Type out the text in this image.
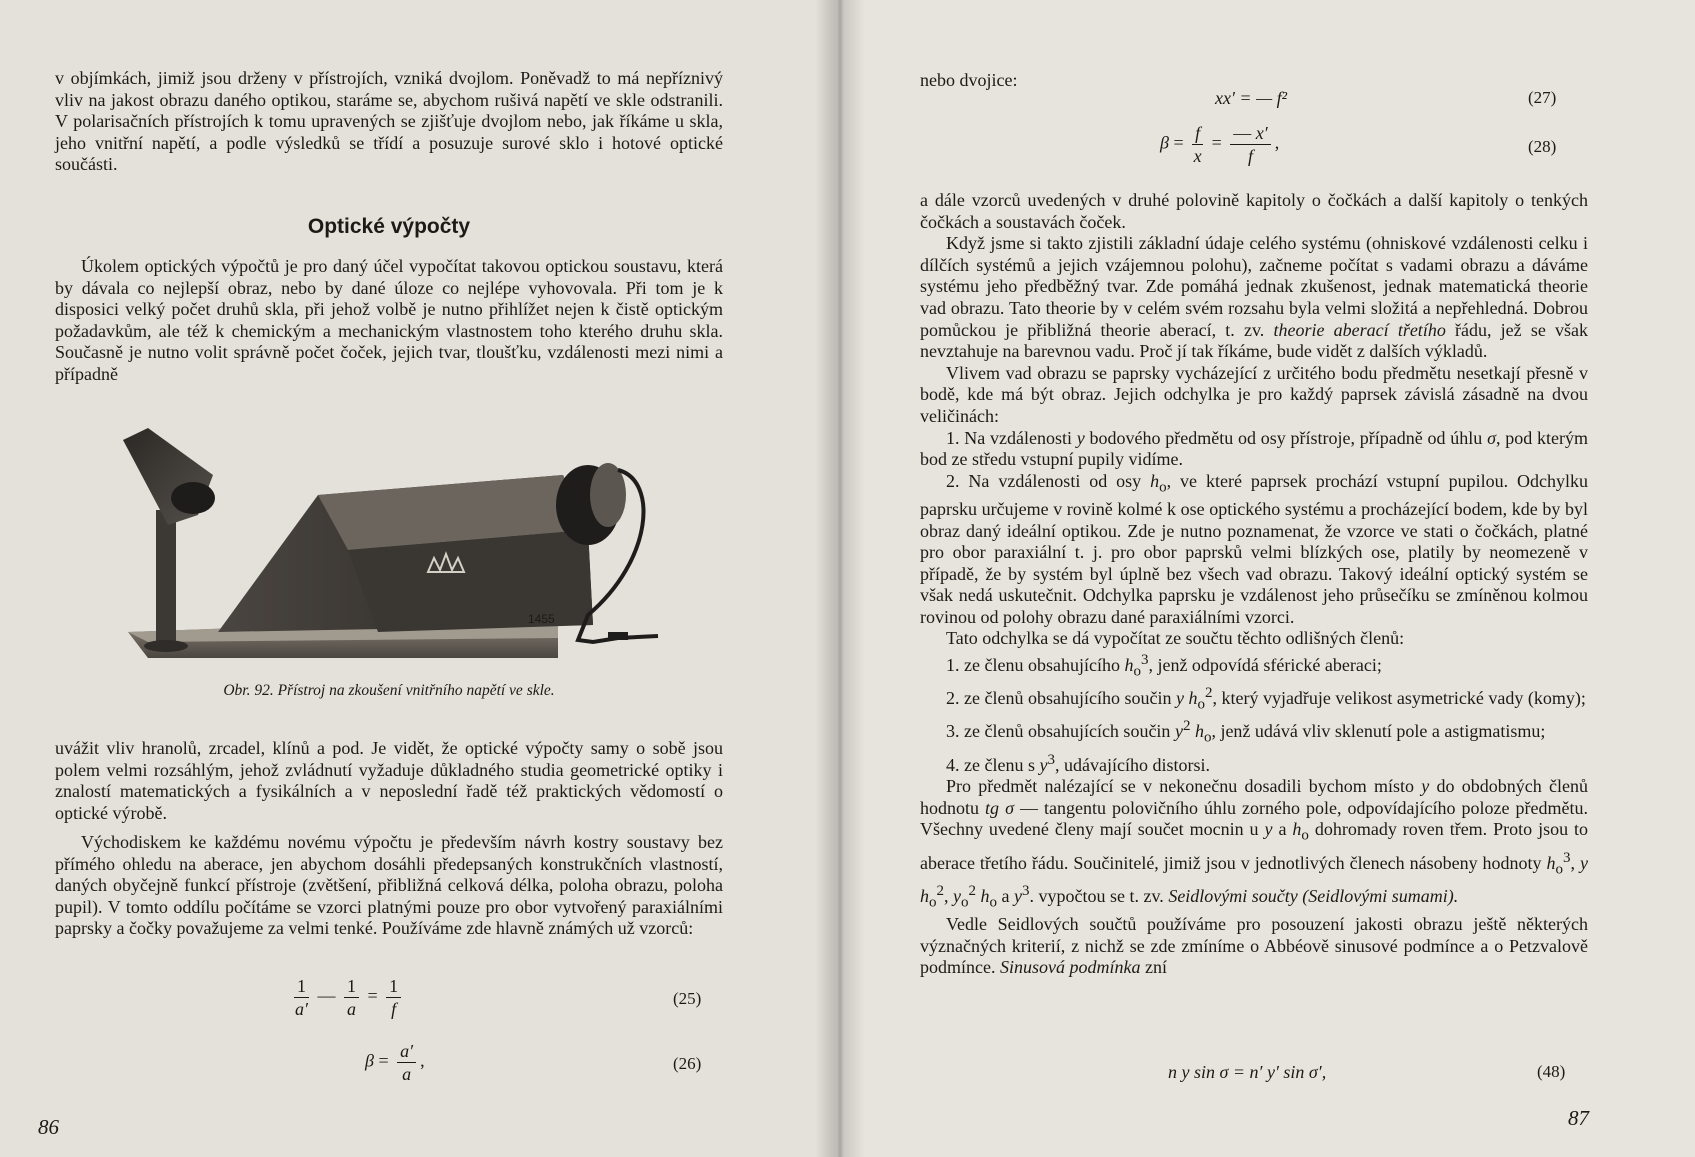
v objímkách, jimiž jsou drženy v přístrojích, vzniká dvojlom. Poněvadž to má nepříznivý vliv na jakost obrazu daného optikou, staráme se, abychom rušivá napětí ve skle odstranili. V polarisačních přístrojích k tomu upravených se zjišťuje dvojlom nebo, jak říkáme u skla, jeho vnitřní napětí, a podle výsledků se třídí a posuzuje surové sklo i hotové optické součásti.

Optické výpočty

Úkolem optických výpočtů je pro daný účel vypočítat takovou optickou soustavu, která by dávala co nejlepší obraz, nebo by dané úloze co nejlépe vyhovovala. Při tom je k disposici velký počet druhů skla, při jehož volbě je nutno přihlížet nejen k čistě optickým požadavkům, ale též k chemickým a mechanickým vlastnostem toho kterého druhu skla. Současně je nutno volit správně počet čoček, jejich tvar, tloušťku, vzdálenosti mezi nimi a případně

1455
Obr. 92. Přístroj na zkoušení vnitřního napětí ve skle.

uvážit vliv hranolů, zrcadel, klínů a pod. Je vidět, že optické výpočty samy o sobě jsou polem velmi rozsáhlým, jehož zvládnutí vyžaduje důkladného studia geometrické optiky i znalostí matematických a fysikálních a v neposlední řadě též praktických vědomostí o optické výrobě.

Východiskem ke každému novému výpočtu je především návrh kostry soustavy bez přímého ohledu na aberace, jen abychom dosáhli předepsaných konstrukčních vlastností, daných obyčejně funkcí přístroje (zvětšení, přibližná celková délka, poloha obrazu, poloha pupil). V tomto oddílu počítáme se vzorci platnými pouze pro obor vytvořený paraxiálními paprsky a čočky považujeme za velmi tenké. Používáme zde hlavně známých už vzorců:

$\frac{1}{a'}$ — $\frac{1}{a} = \frac{1}{f}$	(25)
$\beta = \frac{a'}{a}$ ,	(26)
86	87

nebo dvojice:

xx′ = — f²	(27)
$\beta = \frac{f}{x} = \frac{— x'}{f}$ ,	(28)

a dále vzorců uvedených v druhé polovině kapitoly o čočkách a další kapitoly o tenkých čočkách a soustavách čoček.

Když jsme si takto zjistili základní údaje celého systému (ohniskové vzdálenosti celku i dílčích systémů a jejich vzájemnou polohu), začneme počítat s vadami obrazu a dáváme systému jeho předběžný tvar. Zde pomáhá jednak zkušenost, jednak matematická theorie vad obrazu. Tato theorie by v celém svém rozsahu byla velmi složitá a nepřehledná. Dobrou pomůckou je přibližná theorie aberací, t. zv. theorie aberací třetího řádu, jež se však nevztahuje na barevnou vadu. Proč jí tak říkáme, bude vidět z dalších výkladů.

Vlivem vad obrazu se paprsky vycházející z určitého bodu předmětu nesetkají přesně v bodě, kde má být obraz. Jejich odchylka je pro každý paprsek závislá zásadně na dvou veličinách:

1. Na vzdálenosti y bodového předmětu od osy přístroje, případně od úhlu σ, pod kterým bod ze středu vstupní pupily vidíme.

2. Na vzdálenosti od osy $h_o$, ve které paprsek prochází vstupní pupilou. Odchylku paprsku určujeme v rovině kolmé k ose optického systému a procházející bodem, kde by byl obraz daný ideální optikou. Zde je nutno poznamenat, že vzorce ve stati o čočkách, platné pro obor paraxiální t. j. pro obor paprsků velmi blízkých ose, platily by neomezeně v případě, že by systém byl úplně bez všech vad obrazu. Takový ideální optický systém se však nedá uskutečnit. Odchylka paprsku je vzdálenost jeho průsečíku se zmíněnou kolmou rovinou od polohy obrazu dané paraxiálními vzorci.

Tato odchylka se dá vypočítat ze součtu těchto odlišných členů:

1. ze členu obsahujícího $h_o^3$, jenž odpovídá sférické aberaci;

2. ze členů obsahujícího součin y $h_o^2$, který vyjadřuje velikost asymetrické vady (komy);

3. ze členů obsahujících součin $y^2$ $h_o$, jenž udává vliv sklenutí pole a astigmatismu;

4. ze členu s $y^3$, udávajícího distorsi.

Pro předmět nalézající se v nekonečnu dosadili bychom místo y do obdobných členů hodnotu tg σ — tangentu polovičního úhlu zorného pole, odpovídajícího poloze předmětu. Všechny uvedené členy mají součet mocnin u y a $h_o$ dohromady roven třem. Proto jsou to aberace třetího řádu. Součinitelé, jimiž jsou v jednotlivých členech násobeny hodnoty $h_o^3$, y $h_o^2$, $y_o^2$ $h_o$ a $y^3$. vypočtou se t. zv. Seidlovými součty (Seidlovými sumami).

Vedle Seidlových součtů používáme pro posouzení jakosti obrazu ještě některých význačných kriterií, z nichž se zde zmíníme o Abbéově sinusové podmínce a o Petzvalově podmínce. Sinusová podmínka zní

n y sin σ = n′ y′ sin σ′,	(48)
